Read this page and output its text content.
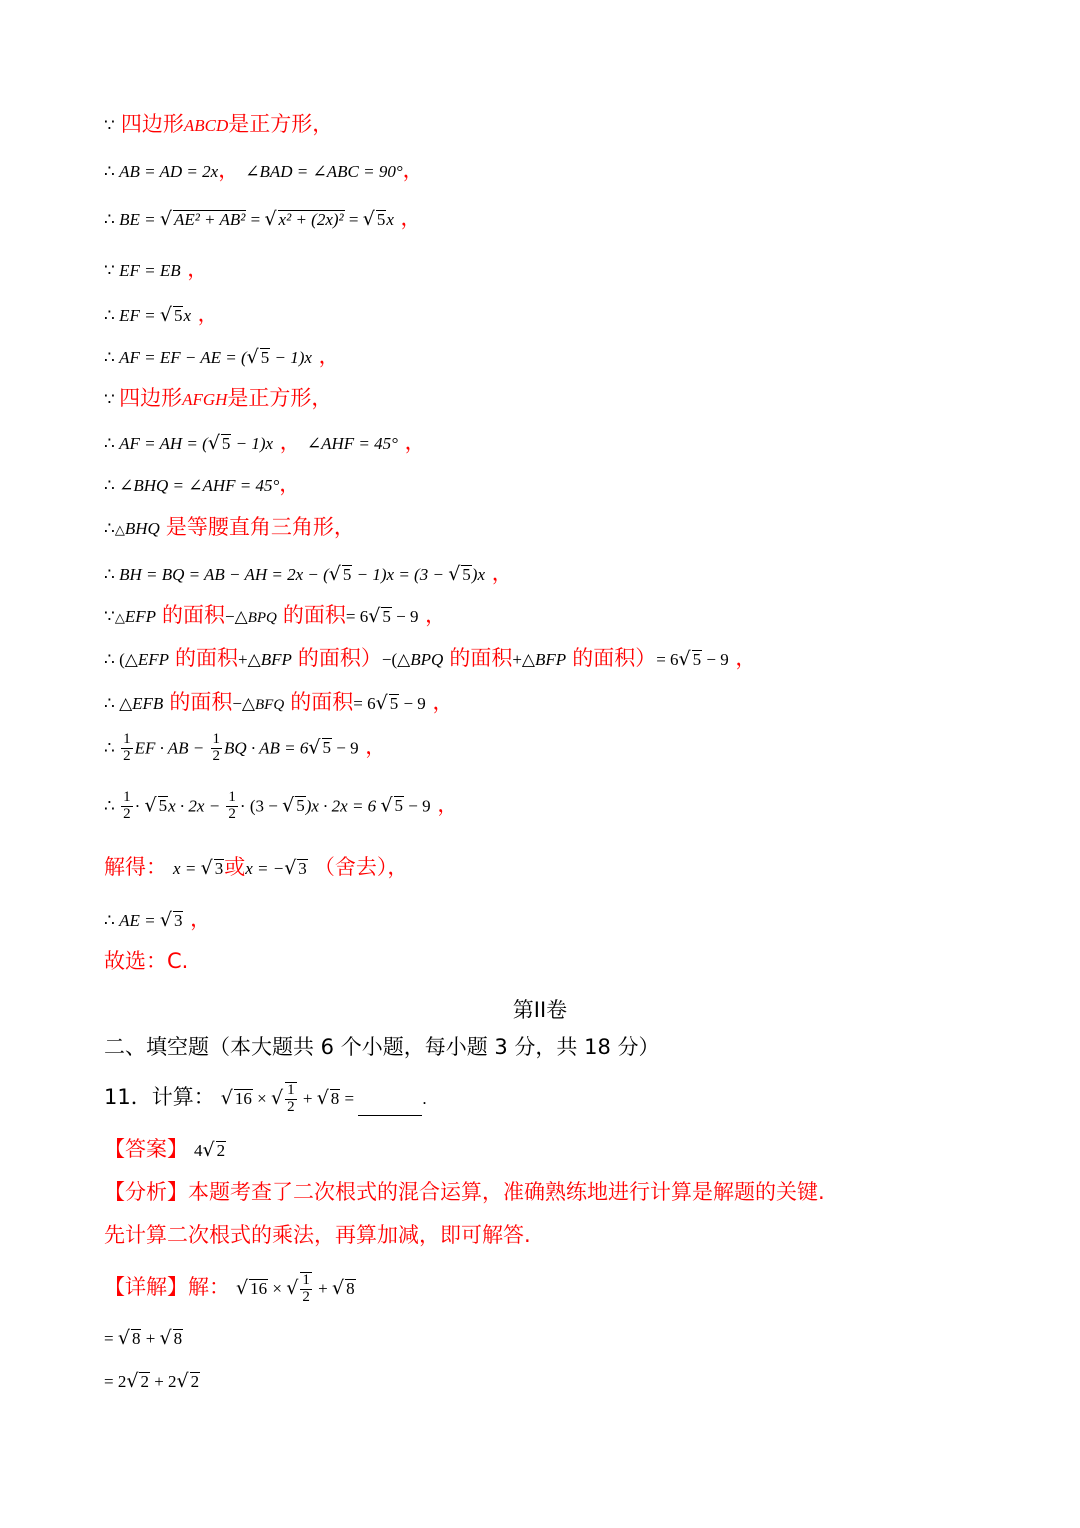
∵ 四边形ABCD是正方形，
∴ AB = AD = 2x， ∠BAD = ∠ABC = 90°，
∴ BE = √ AE² + AB² = √ x² + (2x)² = √ 5x ，
∵ EF = EB ，
∴ EF = √ 5x ，
∴ AF = EF − AE = (√ 5 − 1)x ，
∵ 四边形AFGH是正方形，
∴ AF = AH = (√ 5 − 1)x ， ∠AHF = 45° ，
∴ ∠BHQ = ∠AHF = 45°，
∴△BHQ 是等腰直角三角形，
∴ BH = BQ = AB − AH = 2x − (√ 5 − 1)x = (3 − √ 5)x ，
∵△EFP 的面积−△BPQ 的面积= 6√ 5 − 9 ，
∴ (△EFP 的面积+△BFP 的面积）−(△BPQ 的面积+△BFP 的面积）= 6√ 5 − 9 ，
∴ △EFB 的面积−△BFQ 的面积= 6√ 5 − 9 ，
∴ $\frac{1}{2}$ EF · AB − $\frac{1}{2}$ BQ · AB = 6√ 5 − 9 ，
∴ $\frac{1}{2}$ · √ $5x \cdot 2x - \frac{1}{2} \cdot (3$ − √ 5)x · 2x = 6 √ 5 − 9 ，
解得： x = √ 3或x = −√ 3 （舍去），
∴ AE = √ 3 ，
故选：C.
第II卷
二、填空题（本大题共 6 个小题，每小题 3 分，共 18 分）
11．计算： √ 16 × √ $\frac{1}{2}$ + √ 8 =	.
【答案】 4√ 2
【分析】本题考查了二次根式的混合运算，准确熟练地进行计算是解题的关键.
先计算二次根式的乘法，再算加减，即可解答.
【详解】解： √ 16 × √ $\frac{1}{2}$ + √ 8
= √ 8 + √ 8
= 2√ 2 + 2√ 2
